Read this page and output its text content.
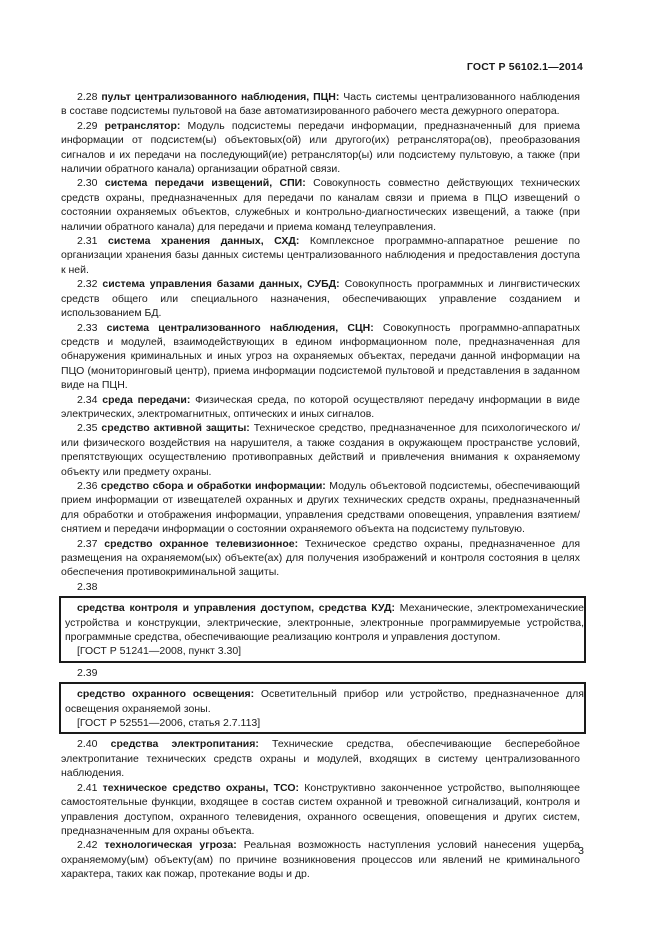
ГОСТ Р 56102.1—2014

2.28 пульт централизованного наблюдения, ПЦН: Часть системы централизованного наблюдения в составе подсистемы пультовой на базе автоматизированного рабочего места дежурного оператора.

2.29 ретранслятор: Модуль подсистемы передачи информации, предназначенный для приема информации от подсистем(ы) объектовых(ой) или другого(их) ретранслятора(ов), преобразования сигналов и их передачи на последующий(ие) ретранслятор(ы) или подсистему пультовую, а также (при наличии обратного канала) организации обратной связи.

2.30 система передачи извещений, СПИ: Совокупность совместно действующих технических средств охраны, предназначенных для передачи по каналам связи и приема в ПЦО извещений о состоянии охраняемых объектов, служебных и контрольно-диагностических извещений, а также (при наличии обратного канала) для передачи и приема команд телеуправления.

2.31 система хранения данных, СХД: Комплексное программно-аппаратное решение по организации хранения базы данных системы централизованного наблюдения и предоставления доступа к ней.

2.32 система управления базами данных, СУБД: Совокупность программных и лингвистических средств общего или специального назначения, обеспечивающих управление созданием и использованием БД.

2.33 система централизованного наблюдения, СЦН: Совокупность программно-аппаратных средств и модулей, взаимодействующих в едином информационном поле, предназначенная для обнаружения криминальных и иных угроз на охраняемых объектах, передачи данной информации на ПЦО (мониторинговый центр), приема информации подсистемой пультовой и представления в заданном виде на ПЦН.

2.34 среда передачи: Физическая среда, по которой осуществляют передачу информации в виде электрических, электромагнитных, оптических и иных сигналов.

2.35 средство активной защиты: Техническое средство, предназначенное для психологического и/или физического воздействия на нарушителя, а также создания в окружающем пространстве условий, препятствующих осуществлению противоправных действий и привлечения внимания к охраняемому объекту или предмету охраны.

2.36 средство сбора и обработки информации: Модуль объектовой подсистемы, обеспечивающий прием информации от извещателей охранных и других технических средств охраны, предназначенный для обработки и отображения информации, управления средствами оповещения, управления взятием/снятием и передачи информации о состоянии охраняемого объекта на подсистему пультовую.

2.37 средство охранное телевизионное: Техническое средство охраны, предназначенное для размещения на охраняемом(ых) объекте(ах) для получения изображений и контроля состояния в целях обеспечения противокриминальной защиты.

2.38

средства контроля и управления доступом, средства КУД: Механические, электромеханические устройства и конструкции, электрические, электронные, электронные программируемые устройства, программные средства, обеспечивающие реализацию контроля и управления доступом.

[ГОСТ Р 51241—2008, пункт 3.30]

2.39

средство охранного освещения: Осветительный прибор или устройство, предназначенное для освещения охраняемой зоны.

[ГОСТ Р 52551—2006, статья 2.7.113]

2.40 средства электропитания: Технические средства, обеспечивающие бесперебойное электропитание технических средств охраны и модулей, входящих в систему централизованного наблюдения.

2.41 техническое средство охраны, ТСО: Конструктивно законченное устройство, выполняющее самостоятельные функции, входящее в состав систем охранной и тревожной сигнализаций, контроля и управления доступом, охранного телевидения, охранного освещения, оповещения и других систем, предназначенным для охраны объекта.

2.42 технологическая угроза: Реальная возможность наступления условий нанесения ущерба охраняемому(ым) объекту(ам) по причине возникновения процессов или явлений не криминального характера, таких как пожар, протекание воды и др.

3
